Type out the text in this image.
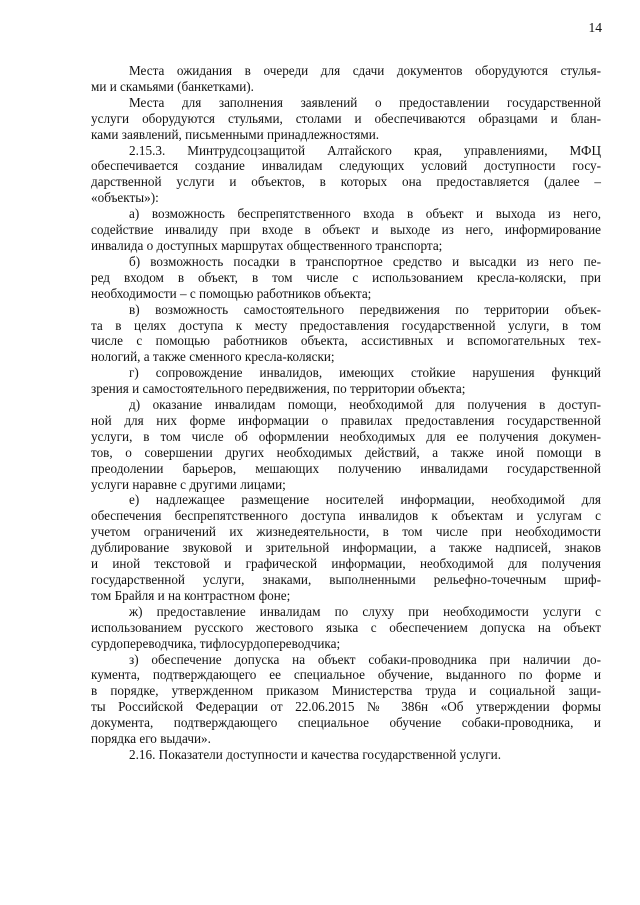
14
Места ожидания в очереди для сдачи документов оборудуются стулья-
ми и скамьями (банкетками).
Места для заполнения заявлений о предоставлении государственной
услуги оборудуются стульями, столами и обеспечиваются образцами и блан-
ками заявлений, письменными принадлежностями.
2.15.3. Минтрудсоцзащитой Алтайского края, управлениями, МФЦ
обеспечивается создание инвалидам следующих условий доступности госу-
дарственной услуги и объектов, в которых она предоставляется (далее –
«объекты»):
а) возможность беспрепятственного входа в объект и выхода из него,
содействие инвалиду при входе в объект и выходе из него, информирование
инвалида о доступных маршрутах общественного транспорта;
б) возможность посадки в транспортное средство и высадки из него пе-
ред входом в объект, в том числе с использованием кресла-коляски, при
необходимости – с помощью работников объекта;
в) возможность самостоятельного передвижения по территории объек-
та в целях доступа к месту предоставления государственной услуги, в том
числе с помощью работников объекта, ассистивных и вспомогательных тех-
нологий, а также сменного кресла-коляски;
г) сопровождение инвалидов, имеющих стойкие нарушения функций
зрения и самостоятельного передвижения, по территории объекта;
д) оказание инвалидам помощи, необходимой для получения в доступ-
ной для них форме информации о правилах предоставления государственной
услуги, в том числе об оформлении необходимых для ее получения докумен-
тов, о совершении других необходимых действий, а также иной помощи в
преодолении барьеров, мешающих получению инвалидами государственной
услуги наравне с другими лицами;
е) надлежащее размещение носителей информации, необходимой для
обеспечения беспрепятственного доступа инвалидов к объектам и услугам с
учетом ограничений их жизнедеятельности, в том числе при необходимости
дублирование звуковой и зрительной информации, а также надписей, знаков
и иной текстовой и графической информации, необходимой для получения
государственной услуги, знаками, выполненными рельефно-точечным шриф-
том Брайля и на контрастном фоне;
ж) предоставление инвалидам по слуху при необходимости услуги с
использованием русского жестового языка с обеспечением допуска на объект
сурдопереводчика, тифлосурдопереводчика;
з) обеспечение допуска на объект собаки-проводника при наличии до-
кумента, подтверждающего ее специальное обучение, выданного по форме и
в порядке, утвержденном приказом Министерства труда и социальной защи-
ты Российской Федерации от 22.06.2015 № 386н «Об утверждении формы
документа, подтверждающего специальное обучение собаки-проводника, и
порядка его выдачи».
2.16. Показатели доступности и качества государственной услуги.
